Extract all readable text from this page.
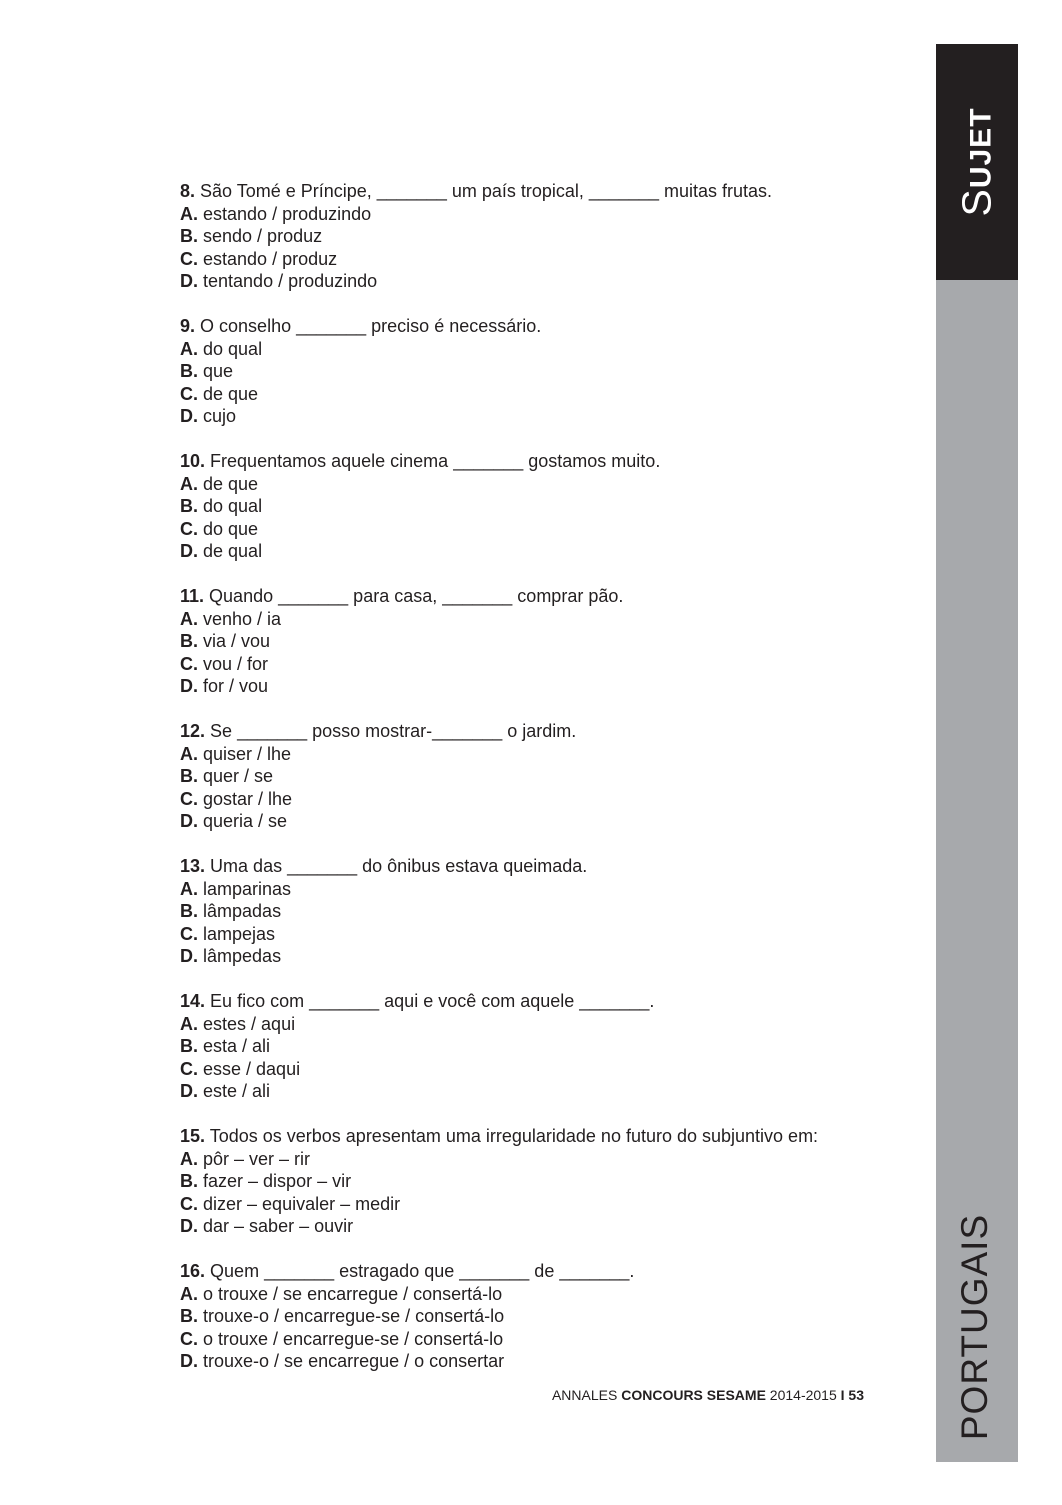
SUJET
PORTUGAIS
8. São Tomé e Príncipe, _______ um país tropical, _______ muitas frutas.
A. estando / produzindo
B. sendo / produz
C. estando / produz
D. tentando / produzindo
9. O conselho _______ preciso é necessário.
A. do qual
B. que
C. de que
D. cujo
10. Frequentamos aquele cinema _______ gostamos muito.
A. de que
B. do qual
C. do que
D. de qual
11. Quando _______ para casa, _______ comprar pão.
A. venho / ia
B. via / vou
C. vou / for
D. for / vou
12. Se _______ posso mostrar-_______ o jardim.
A. quiser / lhe
B. quer / se
C. gostar / lhe
D. queria / se
13. Uma das _______ do ônibus estava queimada.
A. lamparinas
B. lâmpadas
C. lampejas
D. lâmpedas
14. Eu fico com _______ aqui e você com aquele _______.
A. estes / aqui
B. esta / ali
C. esse / daqui
D. este / ali
15. Todos os verbos apresentam uma irregularidade no futuro do subjuntivo em:
A. pôr – ver – rir
B. fazer – dispor – vir
C. dizer – equivaler – medir
D. dar – saber – ouvir
16. Quem _______ estragado que _______ de _______.
A. o trouxe / se encarregue / consertá-lo
B. trouxe-o / encarregue-se / consertá-lo
C. o trouxe / encarregue-se / consertá-lo
D. trouxe-o / se encarregue / o consertar
ANNALES CONCOURS SESAME 2014-2015 I 53
